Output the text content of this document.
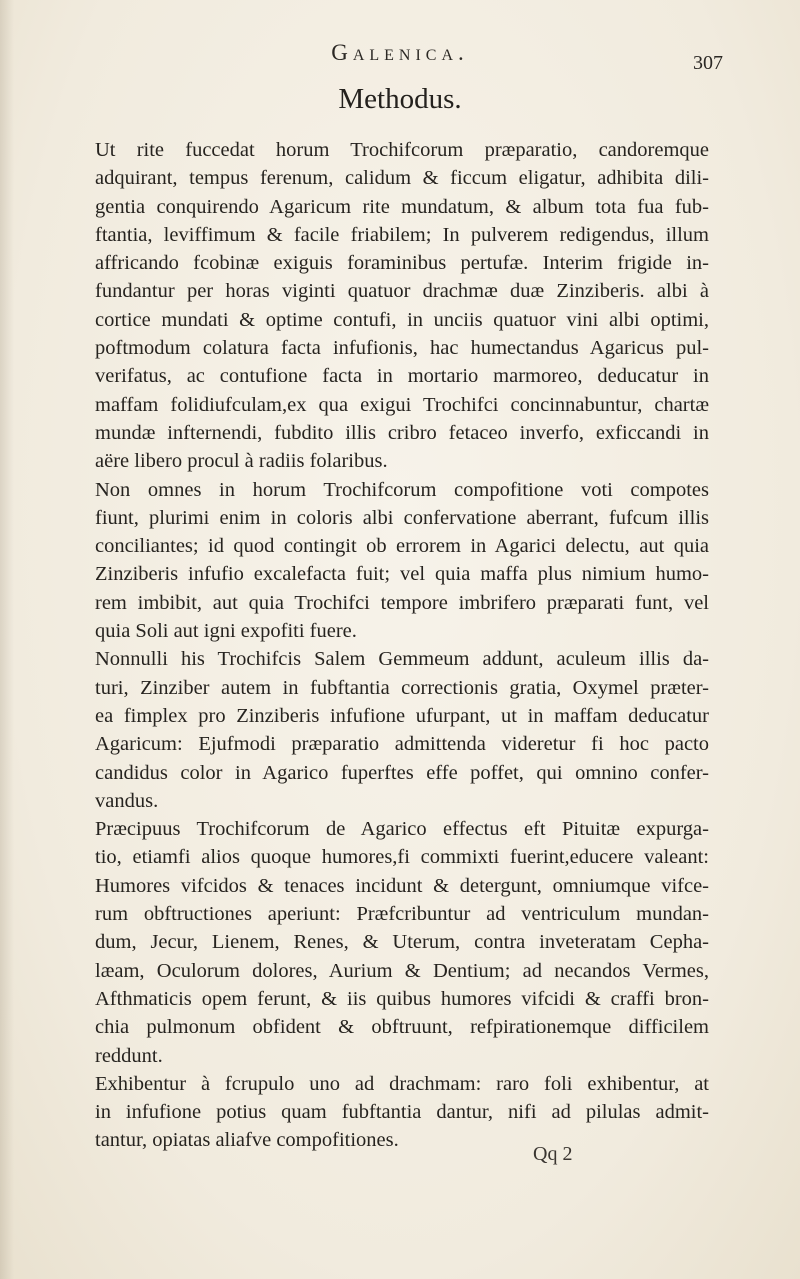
Galenica.	307
Methodus.
Ut rite fuccedat horum Trochifcorum præparatio, candoremque
adquirant, tempus ferenum, calidum & ficcum eligatur, adhibita dili-
gentia conquirendo Agaricum rite mundatum, & album tota fua fub-
ftantia, leviffimum & facile friabilem; In pulverem redigendus, illum
affricando fcobinæ exiguis foraminibus pertufæ. Interim frigide in-
fundantur per horas viginti quatuor drachmæ duæ Zinziberis. albi à
cortice mundati & optime contufi, in unciis quatuor vini albi optimi,
poftmodum colatura facta infufionis, hac humectandus Agaricus pul-
verifatus, ac contufione facta in mortario marmoreo, deducatur in
maffam folidiufculam,ex qua exigui Trochifci concinnabuntur, chartæ
mundæ infternendi, fubdito illis cribro fetaceo inverfo, exficcandi in
aëre libero procul à radiis folaribus.
Non omnes in horum Trochifcorum compofitione voti compotes
fiunt, plurimi enim in coloris albi confervatione aberrant, fufcum illis
conciliantes; id quod contingit ob errorem in Agarici delectu, aut quia
Zinziberis infufio excalefacta fuit; vel quia maffa plus nimium humo-
rem imbibit, aut quia Trochifci tempore imbrifero præparati funt, vel
quia Soli aut igni expofiti fuere.
Nonnulli his Trochifcis Salem Gemmeum addunt, aculeum illis da-
turi, Zinziber autem in fubftantia correctionis gratia, Oxymel præter-
ea fimplex pro Zinziberis infufione ufurpant, ut in maffam deducatur
Agaricum: Ejufmodi præparatio admittenda videretur fi hoc pacto
candidus color in Agarico fuperftes effe poffet, qui omnino confer-
vandus.
Præcipuus Trochifcorum de Agarico effectus eft Pituitæ expurga-
tio, etiamfi alios quoque humores,fi commixti fuerint,educere valeant:
Humores vifcidos & tenaces incidunt & detergunt, omniumque vifce-
rum obftructiones aperiunt: Præfcribuntur ad ventriculum mundan-
dum, Jecur, Lienem, Renes, & Uterum, contra inveteratam Cepha-
læam, Oculorum dolores, Aurium & Dentium; ad necandos Vermes,
Afthmaticis opem ferunt, & iis quibus humores vifcidi & craffi bron-
chia pulmonum obfident & obftruunt, refpirationemque difficilem
reddunt.
Exhibentur à fcrupulo uno ad drachmam: raro foli exhibentur, at
in infufione potius quam fubftantia dantur, nifi ad pilulas admit-
tantur, opiatas aliafve compofitiones.
Qq 2
